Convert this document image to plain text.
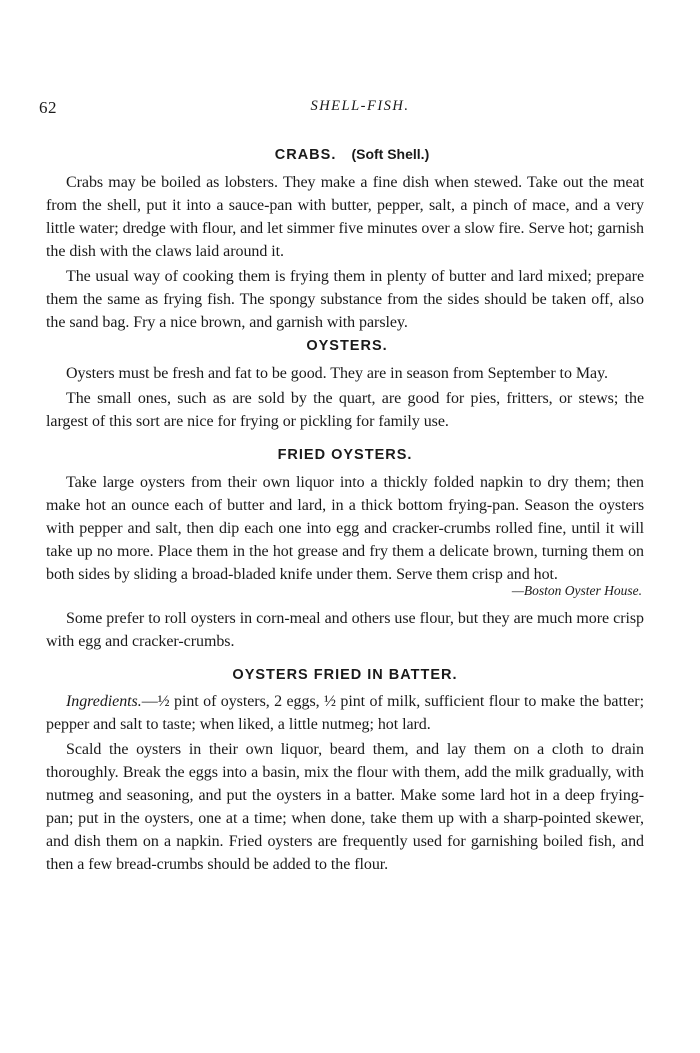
62	SHELL-FISH.
CRABS. (Soft Shell.)

Crabs may be boiled as lobsters. They make a fine dish when stewed. Take out the meat from the shell, put it into a sauce-pan with butter, pepper, salt, a pinch of mace, and a very little water; dredge with flour, and let simmer five minutes over a slow fire. Serve hot; garnish the dish with the claws laid around it.

The usual way of cooking them is frying them in plenty of butter and lard mixed; prepare them the same as frying fish. The spongy substance from the sides should be taken off, also the sand bag. Fry a nice brown, and garnish with parsley.

OYSTERS.

Oysters must be fresh and fat to be good. They are in season from September to May.

The small ones, such as are sold by the quart, are good for pies, fritters, or stews; the largest of this sort are nice for frying or pickling for family use.

FRIED OYSTERS.

Take large oysters from their own liquor into a thickly folded napkin to dry them; then make hot an ounce each of butter and lard, in a thick bottom frying-pan. Season the oysters with pepper and salt, then dip each one into egg and cracker-crumbs rolled fine, until it will take up no more. Place them in the hot grease and fry them a delicate brown, turning them on both sides by sliding a broad-bladed knife under them. Serve them crisp and hot.

—Boston Oyster House.

Some prefer to roll oysters in corn-meal and others use flour, but they are much more crisp with egg and cracker-crumbs.

OYSTERS FRIED IN BATTER.

Ingredients.—½ pint of oysters, 2 eggs, ½ pint of milk, sufficient flour to make the batter; pepper and salt to taste; when liked, a little nutmeg; hot lard.

Scald the oysters in their own liquor, beard them, and lay them on a cloth to drain thoroughly. Break the eggs into a basin, mix the flour with them, add the milk gradually, with nutmeg and seasoning, and put the oysters in a batter. Make some lard hot in a deep frying-pan; put in the oysters, one at a time; when done, take them up with a sharp-pointed skewer, and dish them on a napkin. Fried oysters are frequently used for garnishing boiled fish, and then a few bread-crumbs should be added to the flour.
